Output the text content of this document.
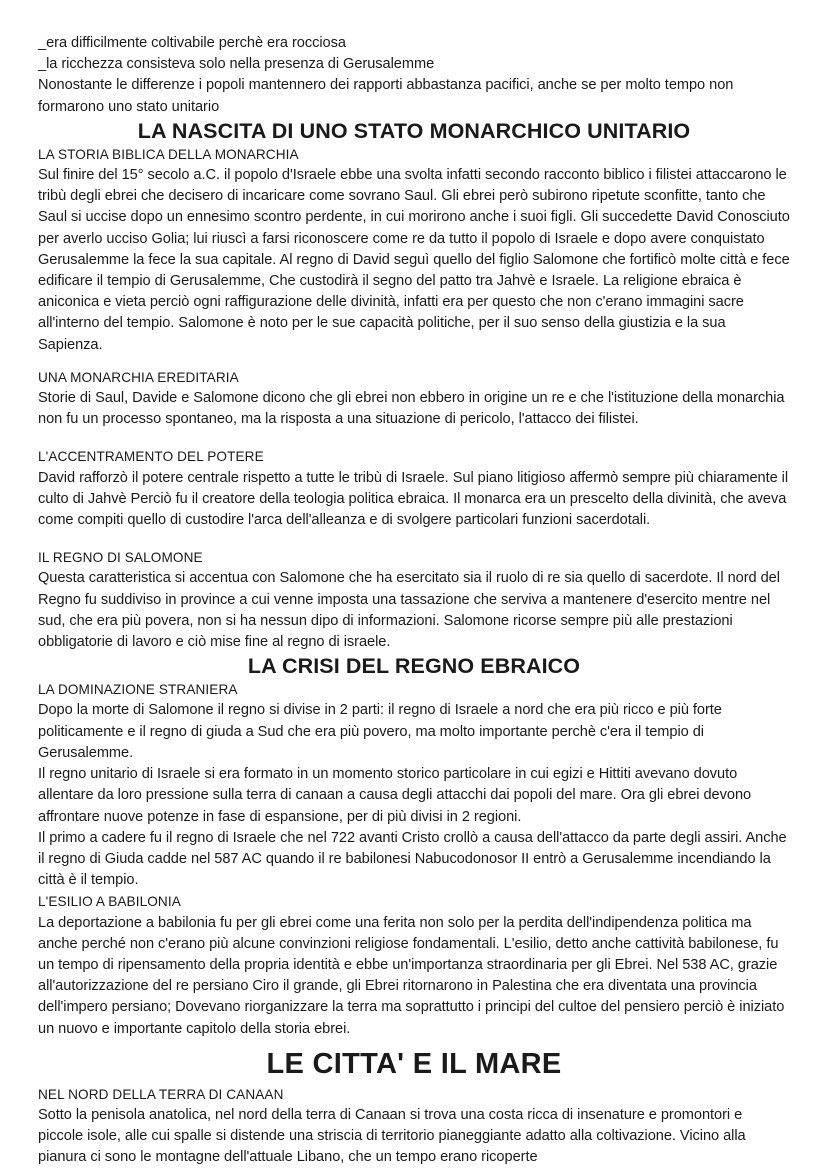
_era difficilmente coltivabile perchè era rocciosa

_la ricchezza consisteva solo nella presenza di Gerusalemme

Nonostante le differenze i popoli mantennero dei rapporti abbastanza pacifici, anche se per molto tempo non formarono uno stato unitario

LA NASCITA DI UNO STATO MONARCHICO UNITARIO
LA STORIA BIBLICA DELLA MONARCHIA

Sul finire del 15° secolo a.C. il popolo d'Israele ebbe una svolta infatti secondo racconto biblico i filistei attaccarono le tribù degli ebrei che decisero di incaricare come sovrano Saul. Gli ebrei però subirono ripetute sconfitte, tanto che Saul si uccise dopo un ennesimo scontro perdente, in cui morirono anche i suoi figli. Gli succedette David Conosciuto per averlo ucciso Golia; lui riuscì a farsi riconoscere come re da tutto il popolo di Israele e dopo avere conquistato Gerusalemme la fece la sua capitale. Al regno di David seguì quello del figlio Salomone che fortificò molte città e fece edificare il tempio di Gerusalemme, Che custodirà il segno del patto tra Jahvè e Israele. La religione ebraica è aniconica e vieta perciò ogni raffigurazione delle divinità, infatti era per questo che non c'erano immagini sacre all'interno del tempio. Salomone è noto per le sue capacità politiche, per il suo senso della giustizia e la sua Sapienza.

UNA MONARCHIA EREDITARIA

Storie di Saul, Davide e Salomone dicono che gli ebrei non ebbero in origine un re e che l'istituzione della monarchia non fu un processo spontaneo, ma la risposta a una situazione di pericolo, l'attacco dei filistei.

L'ACCENTRAMENTO DEL POTERE

David rafforzò il potere centrale rispetto a tutte le tribù di Israele. Sul piano litigioso affermò sempre più chiaramente il culto di Jahvè Perciò fu il creatore della teologia politica ebraica. Il monarca era un prescelto della divinità, che aveva come compiti quello di custodire l'arca dell'alleanza e di svolgere particolari funzioni sacerdotali.

IL REGNO DI SALOMONE

Questa caratteristica si accentua con Salomone che ha esercitato sia il ruolo di re sia quello di sacerdote. Il nord del Regno fu suddiviso in province a cui venne imposta una tassazione che serviva a mantenere d'esercito mentre nel sud, che era più povera, non si ha nessun dipo di informazioni. Salomone ricorse sempre più alle prestazioni obbligatorie di lavoro e ciò mise fine al regno di israele.

LA CRISI DEL REGNO EBRAICO
LA DOMINAZIONE STRANIERA

Dopo la morte di Salomone il regno si divise in 2 parti: il regno di Israele a nord che era più ricco e più forte politicamente e il regno di giuda a Sud che era più povero, ma molto importante perchè c'era il tempio di Gerusalemme.

Il regno unitario di Israele si era formato in un momento storico particolare in cui egizi e Hittiti avevano dovuto allentare da loro pressione sulla terra di canaan a causa degli attacchi dai popoli del mare. Ora gli ebrei devono affrontare nuove potenze in fase di espansione, per di più divisi in 2 regioni.

Il primo a cadere fu il regno di Israele che nel 722 avanti Cristo crollò a causa dell'attacco da parte degli assiri. Anche il regno di Giuda cadde nel 587 AC quando il re babilonesi Nabucodonosor II entrò a Gerusalemme incendiando la città è il tempio.

L'ESILIO A BABILONIA

La deportazione a babilonia fu per gli ebrei come una ferita non solo per la perdita dell'indipendenza politica ma anche perché non c'erano più alcune convinzioni religiose fondamentali. L'esilio, detto anche cattività babilonese, fu un tempo di ripensamento della propria identità e ebbe un'importanza straordinaria per gli Ebrei. Nel 538 AC, grazie all'autorizzazione del re persiano Ciro il grande, gli Ebrei ritornarono in Palestina che era diventata una provincia dell'impero persiano; Dovevano riorganizzare la terra ma soprattutto i principi del cultoe del pensiero perciò è iniziato un nuovo e importante capitolo della storia ebrei.

LE CITTA' E IL MARE
NEL NORD DELLA TERRA DI CANAAN

Sotto la penisola anatolica, nel nord della terra di Canaan si trova una costa ricca di insenature e promontori e piccole isole, alle cui spalle si distende una striscia di territorio pianeggiante adatto alla coltivazione. Vicino alla pianura ci sono le montagne dell'attuale Libano, che un tempo erano ricoperte
